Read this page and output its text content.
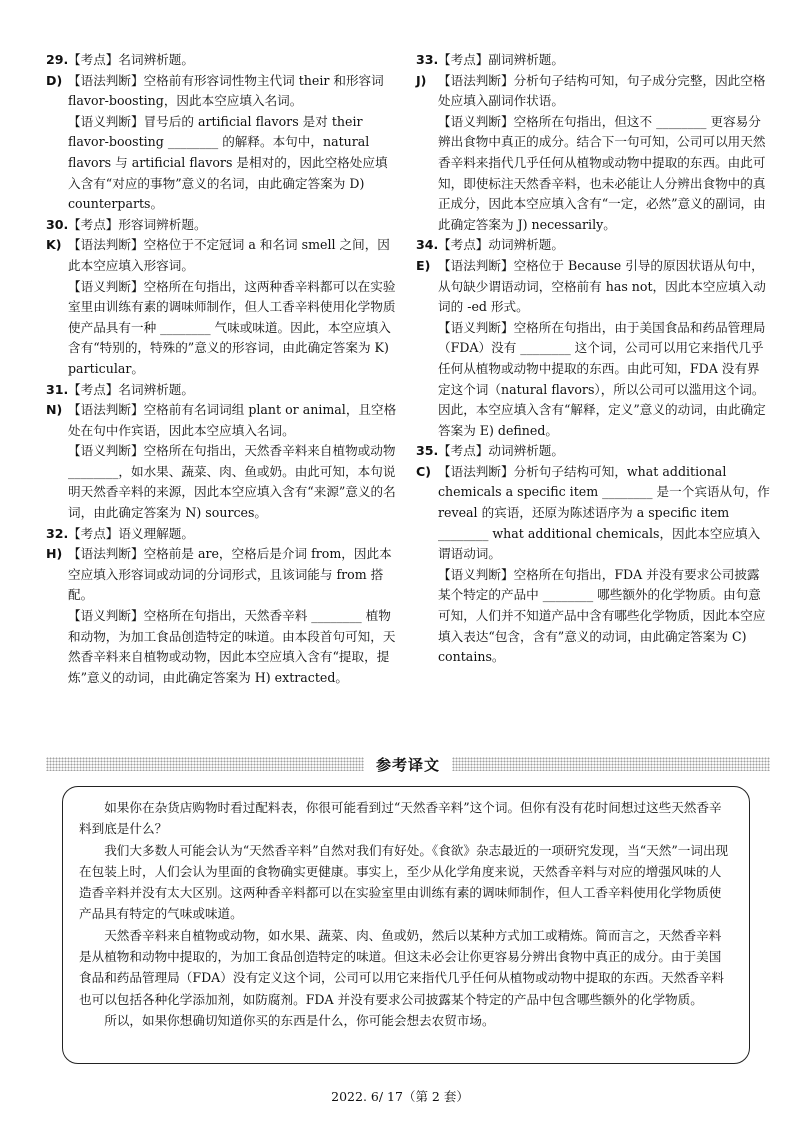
29. 【考点】名词辨析题。

D) 【语法判断】空格前有形容词性物主代词 their 和形容词 flavor-boosting，因此本空应填入名词。

【语义判断】冒号后的 artificial flavors 是对 their flavor-boosting ________ 的解释。本句中，natural flavors 与 artificial flavors 是相对的，因此空格处应填入含有“对应的事物”意义的名词，由此确定答案为 D) counterparts。

30. 【考点】形容词辨析题。

K) 【语法判断】空格位于不定冠词 a 和名词 smell 之间，因此本空应填入形容词。

【语义判断】空格所在句指出，这两种香辛料都可以在实验室里由训练有素的调味师制作，但人工香辛料使用化学物质使产品具有一种 ________ 气味或味道。因此，本空应填入含有“特别的，特殊的”意义的形容词，由此确定答案为 K) particular。

31. 【考点】名词辨析题。

N) 【语法判断】空格前有名词词组 plant or animal，且空格处在句中作宾语，因此本空应填入名词。

【语义判断】空格所在句指出，天然香辛料来自植物或动物 ________，如水果、蔬菜、肉、鱼或奶。由此可知，本句说明天然香辛料的来源，因此本空应填入含有“来源”意义的名词，由此确定答案为 N) sources。

32. 【考点】语义理解题。

H) 【语法判断】空格前是 are，空格后是介词 from，因此本空应填入形容词或动词的分词形式，且该词能与 from 搭配。

【语义判断】空格所在句指出，天然香辛料 ________ 植物和动物，为加工食品创造特定的味道。由本段首句可知，天然香辛料来自植物或动物，因此本空应填入含有“提取，提炼”意义的动词，由此确定答案为 H) extracted。

33. 【考点】副词辨析题。

J) 【语法判断】分析句子结构可知，句子成分完整，因此空格处应填入副词作状语。

【语义判断】空格所在句指出，但这不 ________ 更容易分辨出食物中真正的成分。结合下一句可知，公司可以用天然香辛料来指代几乎任何从植物或动物中提取的东西。由此可知，即使标注天然香辛料，也未必能让人分辨出食物中的真正成分，因此本空应填入含有“一定，必然”意义的副词，由此确定答案为 J) necessarily。

34. 【考点】动词辨析题。

E) 【语法判断】空格位于 Because 引导的原因状语从句中，从句缺少谓语动词，空格前有 has not，因此本空应填入动词的 -ed 形式。

【语义判断】空格所在句指出，由于美国食品和药品管理局（FDA）没有 ________ 这个词，公司可以用它来指代几乎任何从植物或动物中提取的东西。由此可知，FDA 没有界定这个词（natural flavors），所以公司可以滥用这个词。因此，本空应填入含有“解释，定义”意义的动词，由此确定答案为 E) defined。

35. 【考点】动词辨析题。

C) 【语法判断】分析句子结构可知，what additional chemicals a specific item ________ 是一个宾语从句，作 reveal 的宾语，还原为陈述语序为 a specific item ________ what additional chemicals，因此本空应填入谓语动词。

【语义判断】空格所在句指出，FDA 并没有要求公司披露某个特定的产品中 ________ 哪些额外的化学物质。由句意可知，人们并不知道产品中含有哪些化学物质，因此本空应填入表达“包含，含有”意义的动词，由此确定答案为 C) contains。

参考译文

如果你在杂货店购物时看过配料表，你很可能看到过“天然香辛料”这个词。但你有没有花时间想过这些天然香辛料到底是什么？

我们大多数人可能会认为“天然香辛料”自然对我们有好处。《食欲》杂志最近的一项研究发现，当“天然”一词出现在包装上时，人们会认为里面的食物确实更健康。事实上，至少从化学角度来说，天然香辛料与对应的增强风味的人造香辛料并没有太大区别。这两种香辛料都可以在实验室里由训练有素的调味师制作，但人工香辛料使用化学物质使产品具有特定的气味或味道。

天然香辛料来自植物或动物，如水果、蔬菜、肉、鱼或奶，然后以某种方式加工或精炼。简而言之，天然香辛料是从植物和动物中提取的，为加工食品创造特定的味道。但这未必会让你更容易分辨出食物中真正的成分。由于美国食品和药品管理局（FDA）没有定义这个词，公司可以用它来指代几乎任何从植物或动物中提取的东西。天然香辛料也可以包括各种化学添加剂，如防腐剂。FDA 并没有要求公司披露某个特定的产品中包含哪些额外的化学物质。

所以，如果你想确切知道你买的东西是什么，你可能会想去农贸市场。

2022. 6/ 17（第 2 套）
